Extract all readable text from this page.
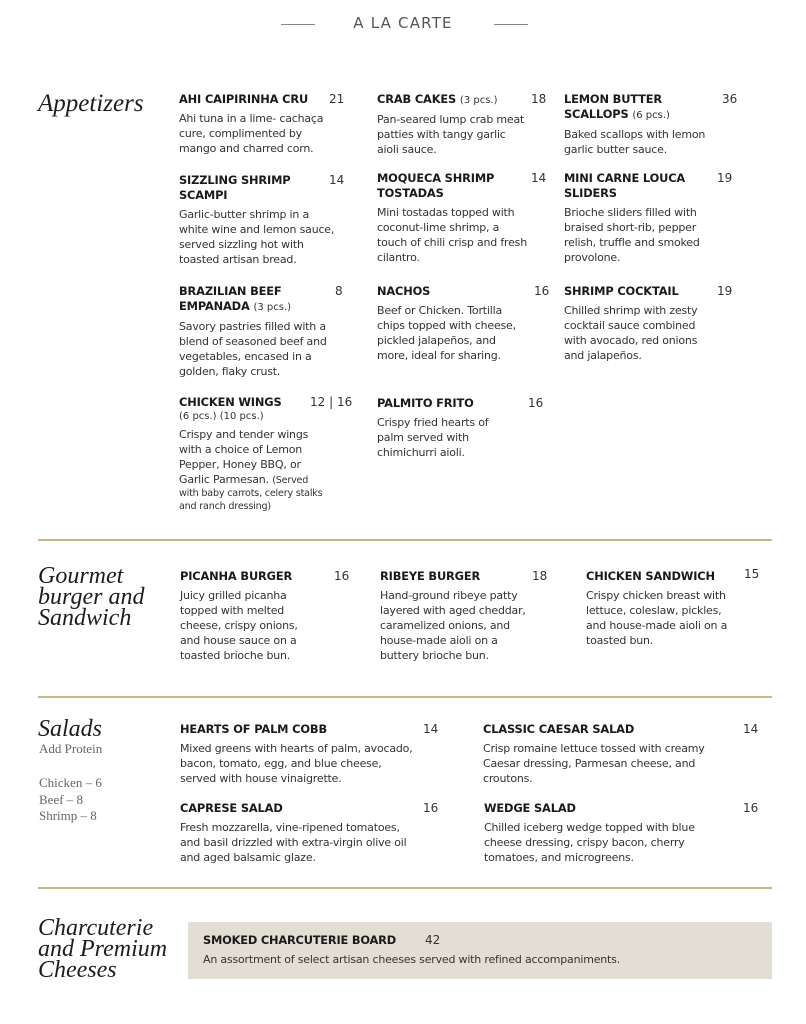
A LA CARTE
Appetizers	AHI CAIPIRINHA CRU	21
Ahi tuna in a lime- cachaça cure, complimented by mango and charred corn.
CRAB CAKES (3 pcs.)	18
Pan-seared lump crab meat patties with tangy garlic aioli sauce.
LEMON BUTTER
SCALLOPS (6 pcs.)
36
Baked scallops with lemon garlic butter sauce.
SIZZLING SHRIMP SCAMPI
14
Garlic-butter shrimp in a white wine and lemon sauce, served sizzling hot with toasted artisan bread.
MOQUECA SHRIMP TOSTADAS
14
Mini tostadas topped with coconut-lime shrimp, a touch of chili crisp and fresh cilantro.
MINI CARNE LOUCA SLIDERS
19
Brioche sliders filled with braised short-rib, pepper relish, truffle and smoked provolone.
BRAZILIAN BEEF
EMPANADA (3 pcs.)
8
Savory pastries filled with a blend of seasoned beef and vegetables, encased in a golden, flaky crust.
NACHOS	16
Beef or Chicken. Tortilla chips topped with cheese, pickled jalapeños, and more, ideal for sharing.
SHRIMP COCKTAIL	19
Chilled shrimp with zesty cocktail sauce combined with avocado, red onions and jalapeños.
CHICKEN WINGS
(6 pcs.) (10 pcs.)
12 | 16
Crispy and tender wings with a choice of Lemon Pepper, Honey BBQ, or Garlic Parmesan. (Served
with baby carrots, celery stalks and ranch dressing)
PALMITO FRITO	16
Crispy fried hearts of palm served with chimichurri aioli.
Gourmet
burger and
Sandwich
PICANHA BURGER	16
Juicy grilled picanha topped with melted cheese, crispy onions, and house sauce on a toasted brioche bun.
RIBEYE BURGER	18
Hand-ground ribeye patty layered with aged cheddar, caramelized onions, and house-made aioli on a buttery brioche bun.
CHICKEN SANDWICH	15
Crispy chicken breast with lettuce, coleslaw, pickles, and house-made aioli on a toasted bun.
Salads
Add Protein
Chicken – 6
Beef – 8
Shrimp – 8
HEARTS OF PALM COBB	14
Mixed greens with hearts of palm, avocado, bacon, tomato, egg, and blue cheese, served with house vinaigrette.
CLASSIC CAESAR SALAD	14
Crisp romaine lettuce tossed with creamy Caesar dressing, Parmesan cheese, and croutons.
CAPRESE SALAD	16
Fresh mozzarella, vine-ripened tomatoes, and basil drizzled with extra-virgin olive oil and aged balsamic glaze.
WEDGE SALAD	16
Chilled iceberg wedge topped with blue cheese dressing, crispy bacon, cherry tomatoes, and microgreens.
Charcuterie
and Premium
Cheeses
SMOKED CHARCUTERIE BOARD 42
An assortment of select artisan cheeses served with refined accompaniments.
